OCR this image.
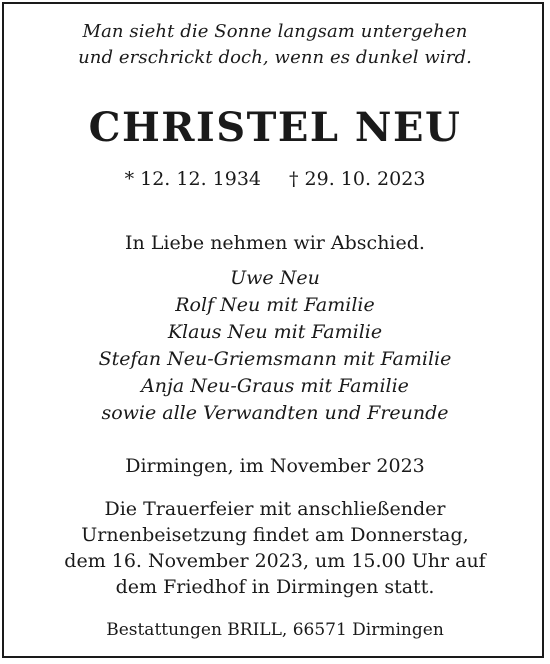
Man sieht die Sonne langsam untergehen
und erschrickt doch, wenn es dunkel wird.
CHRISTEL NEU
* 12. 12. 1934 † 29. 10. 2023
In Liebe nehmen wir Abschied.
Uwe Neu
Rolf Neu mit Familie
Klaus Neu mit Familie
Stefan Neu-Griemsmann mit Familie
Anja Neu-Graus mit Familie
sowie alle Verwandten und Freunde
Dirmingen, im November 2023
Die Trauerfeier mit anschließender
Urnenbeisetzung findet am Donnerstag,
dem 16. November 2023, um 15.00 Uhr auf
dem Friedhof in Dirmingen statt.
Bestattungen BRILL, 66571 Dirmingen
